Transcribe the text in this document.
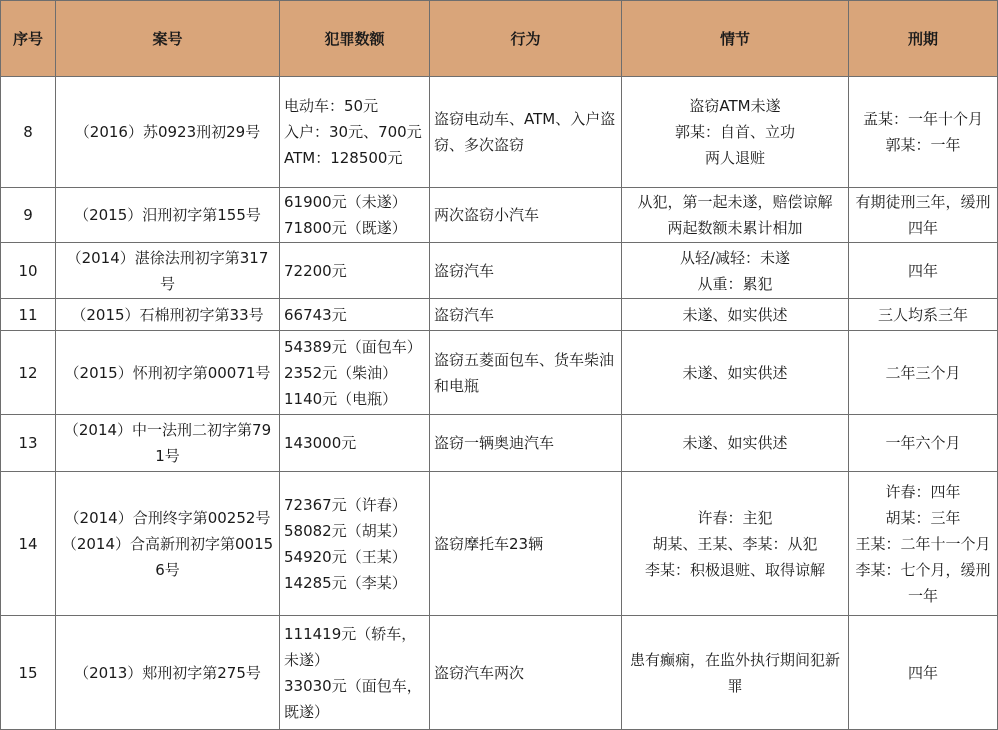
序号	案号	犯罪数额	行为	情节	刑期
8	（2016）苏0923刑初29号	电动车：50元
入户：30元、700元
ATM：128500元	盗窃电动车、ATM、入户盗窃、多次盗窃	盗窃ATM未遂
郭某：自首、立功
两人退赃	孟某：一年十个月
郭某：一年

9	（2015）汨刑初字第155号	61900元（未遂）
71800元（既遂）	两次盗窃小汽车	从犯，第一起未遂，赔偿谅解
两起数额未累计相加	有期徒刑三年，缓刑四年

10	（2014）湛徐法刑初字第317号	72200元	盗窃汽车	从轻/减轻：未遂
从重：累犯	四年

11	（2015）石棉刑初字第33号	66743元	盗窃汽车	未遂、如实供述	三人均系三年

12	（2015）怀刑初字第00071号	54389元（面包车）
2352元（柴油）
1140元（电瓶）	盗窃五菱面包车、货车柴油和电瓶	未遂、如实供述	二年三个月

13	（2014）中一法刑二初字第791号	143000元	盗窃一辆奥迪汽车	未遂、如实供述	一年六个月

14	（2014）合刑终字第00252号
（2014）合高新刑初字第00156号	72367元（许春）
58082元（胡某）
54920元（王某）
14285元（李某）	盗窃摩托车23辆	许春：主犯
胡某、王某、李某：从犯
李某：积极退赃、取得谅解	许春：四年
胡某：三年
王某：二年十一个月
李某：七个月，缓刑一年

15	（2013）郏刑初字第275号	111419元（轿车，未遂）
33030元（面包车，既遂）	盗窃汽车两次	患有癫痫，在监外执行期间犯新罪	四年
